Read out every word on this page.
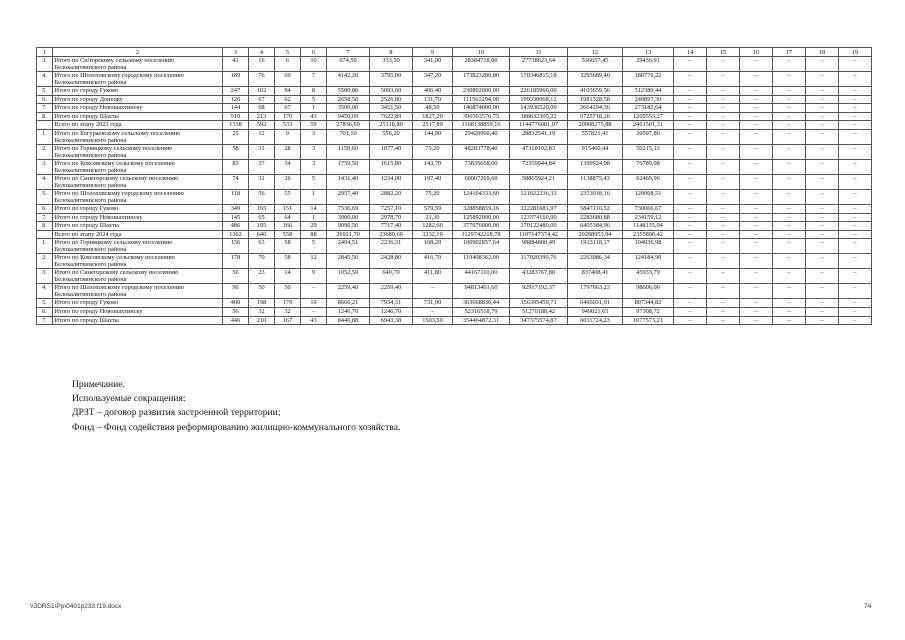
1	2	3	4	5	6	7	8	9	10	11	12	13	14	15	16	17	18	19
3.	Итого по Сиזгорскому сельскому поселению Белокалитвинского района	41	16	6	10	674,50	333,50	341,00	28304718,00	27738623,64	536657,45	29436,91	–	–	–	–	–	–
4.	Итого по Шолоховскому городскому поселению Белокалитвинского района	189	76	69	7	4142,20	3795,00	347,20	173823280,80	170346815,18	3295689,40	180776,22	–	–	–	–	–	–
5.	Итого по городу Гуково	247	102	94	8	5500,00	5093,60	406,40	230802000,00	226185960,00	4103659,56	512380,44	–	–	–	–	–	–
6.	Итого по городу Донецку	126	67	62	5	2658,50	2526,80	131,70	111561294,00	109330068,12	1981328,58	249897,30	–	–	–	–	–	–
7.	Итого по городу Новошахтинску	144	68	67	1	3500,00	3451,50	48,50	146874000,00	143936520,00	2664294,36	273185,64	–	–	–	–	–	–
8.	Итого по городу Шахты	510	213	170	43	9450,09	7622,89	1827,20	396563576,75	388632305,22	6725718,26	1205553,27	–	–	–	–	–	–
	Всего по этапу 2023 года	1338	592	533	59	27836,69	25318,80	2517,89	1168138859,16	1144776081,97	20908275,88	2461501,31	–	–	–	–	–	–
1.	Итого по Богураевскому сельскому поселению Белокалитвинского района	25	12	9	3	701,10	556,20	144,90	29420960,40	28832541,19	557821,41	30597,80	–	–	–	–	–	–
2.	Итого по Горняцкому сельскому поселению Белокалитвинского района	58	31	28	3	1150,60	1077,40	73,20	48283778,40	47318102,83	915460,44	50215,13	–	–	–	–	–	–
3.	Итого по Коксовскому сельскому поселению Белокалитвинского района	83	37	34	3	1759,50	1615,80	143,70	73835658,00	72359944,84	1399924,08	76789,08	–	–	–	–	–	–
4.	Итого по Синегорскому сельскому поселению Белокалитвинского района	74	31	26	5	1431,40	1234,00	197,40	60067269,60	58865924,21	1138875,43	62469,96	–	–	–	–	–	–
5.	Итого по Шолоховскому городскому поселению Белокалитвинского района	118	56	55	1	2957,40	2882,20	75,20	124104333,60	121622236,33	2353018,16	129068,51	–	–	–	–	–	–
6.	Итого по городу Гуково	349	165	151	14	7536,69	7257,10	579,59	328858859,16	322281681,97	5847110,52	730066,67	–	–	–	–	–	–
7.	Итого по городу Новошахтинску	145	65	64	1	3000,00	2978,70	21,30	125892000,00	123374160,00	2283680,88	234159,12	–	–	–	–	–	–
8.	Итого по городу Шахты	486	195	166	29	9090,50	7717,40	1282,60	377676000,00	370122480,00	6405384,96	1148135,04	–	–	–	–	–	–
	Всего по этапу 2024 года	1362	646	558	88	26921,70	23689,60	3232,10	1129742218,78	1107147374,42	20288953,94	2355890,42	–	–	–	–	–	–
1.	Итого по Горняцкому сельскому поселению Белокалитвинского района	136	63	58	5	2404,51	2236,31	168,20	100902857,64	98884800,49	1913118,17	104936,98	–	–	–	–	–	–
2.	Итого по Коксовскому сельскому поселению Белокалитвинского района	178	70	58	12	2845,50	2428,80	416,70	119408362,00	117020390,76	2263986,34	124184,90	–	–	–	–	–	–
3.	Итого по Синегорскому сельскому поселению Белокалитвинского района	56	23	14	9	1052,50	640,70	411,80	44167110,00	43283767,80	837408,41	45933,79	–	–	–	–	–	–
4.	Итого по Шолоховскому городскому поселению Белокалитвинского района	90	50	50	–	2259,40	2259,40	–	94813461,60	92917192,37	1797663,23	98606,00	–	–	–	–	–	–
5.	Итого по городу Гуково	400	198	179	19	8666,21	7934,31	731,90	363668836,44	356395459,71	6466031,91	807344,82	–	–	–	–	–	–
6.	Итого по городу Новошахтинску	56	32	32	–	1246,70	1246,70	–	52316518,79	51270188,42	949021,65	97308,72	–	–	–	–	–	–
7.	Итого по городу Шахты	446	210	167	43	8446,88	6943,38	1503,50	354464872,31	347375574,87	6011724,23	1077573,21	–	–	–	–	–	–
Примечание.
Используемые сокращения:
ДРЗТ – договор развития застроенной территории;
Фонд – Фонд содействия реформированию жилищно-коммунального хозяйства.
\\3DRS1\Pp\0401p233.f19.docx	74
